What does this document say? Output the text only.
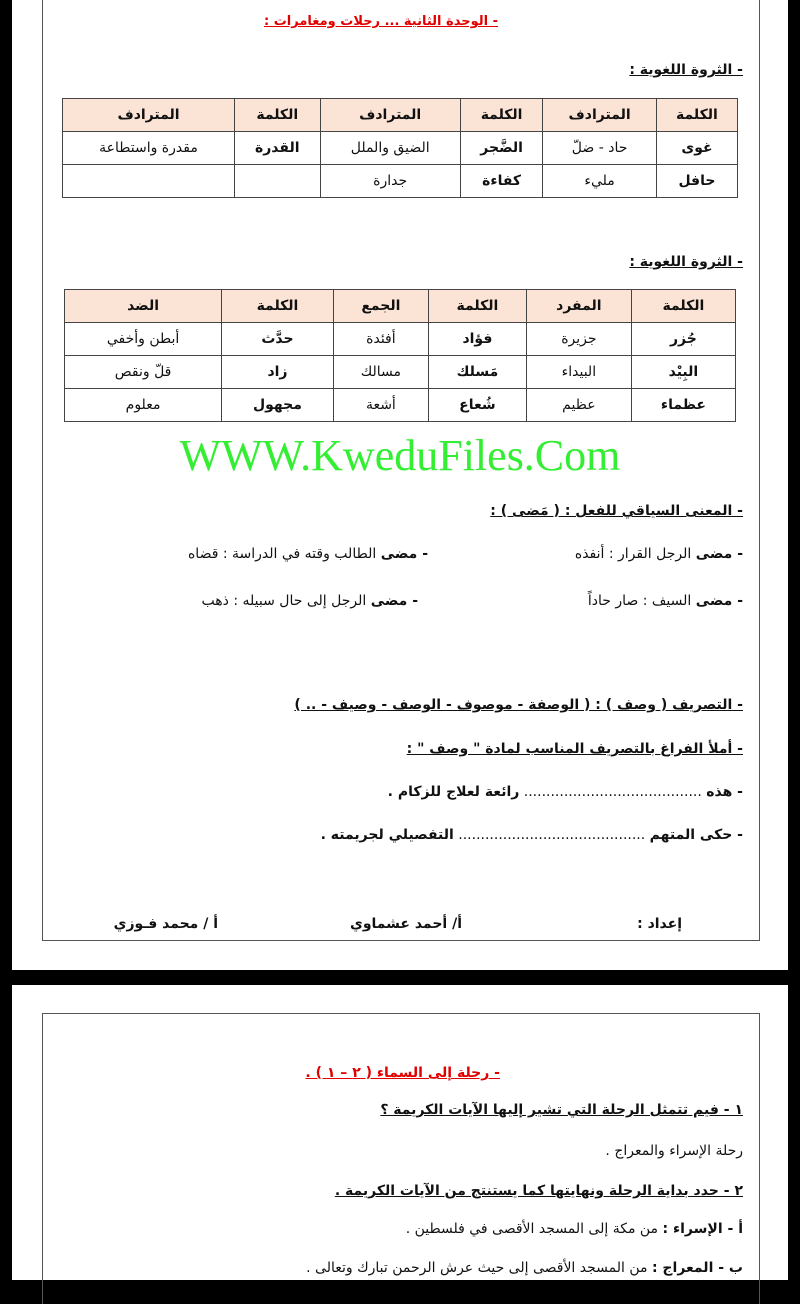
- الوحدة الثانية ... رحلات ومغامرات :
- الثروة اللغوية :
الكلمة	المترادف	الكلمة	المترادف	الكلمة	المترادف
غوى	حاد - ضلّ	الضَّجر	الضيق والملل	القدرة	مقدرة واستطاعة
حافل	مليء	كفاءة	جدارة		
- الثروة اللغوية :
الكلمة	المفرد	الكلمة	الجمع	الكلمة	الضد
جُزر	جزيرة	فؤاد	أفئدة	حدَّث	أبطن وأخفي
البِيْد	البيداء	مَسلك	مسالك	زاد	قلّ ونقص
عظماء	عظيم	شُعاع	أشعة	مجهول	معلوم
- المعنى السياقي للفعل : ( مَضى ) :
- مضى الرجل القرار : أنفذه
- مضى الطالب وقته في الدراسة : قضاه
- مضى السيف : صار حاداً
- مضى الرجل إلى حال سبيله : ذهب
- التصريف ( وصف ) : ( الوصفة - موصوف - الوصف - وصيف - .. )
- أملأ الفراغ بالتصريف المناسب لمادة " وصف " :
- هذه ........................................ رائعة لعلاج للزكام .
- حكى المتهم .......................................... التفصيلي لجريمته .
إعداد :
أ/ أحمد عشماوي
أ / محمد فـوزي
WWW.KweduFiles.Com
- رحلة إلى السماء ( ٢ – ١ ) .
١ - فيم تتمثل الرحلة التي تشير إليها الآيات الكريمة ؟
رحلة الإسراء والمعراج .
٢ - حدد بداية الرحلة ونهايتها كما يستنتج من الآيات الكريمة .
أ - الإسراء : من مكة إلى المسجد الأقصى في فلسطين .
ب - المعراج : من المسجد الأقصى إلى حيث عرش الرحمن تبارك وتعالى .
